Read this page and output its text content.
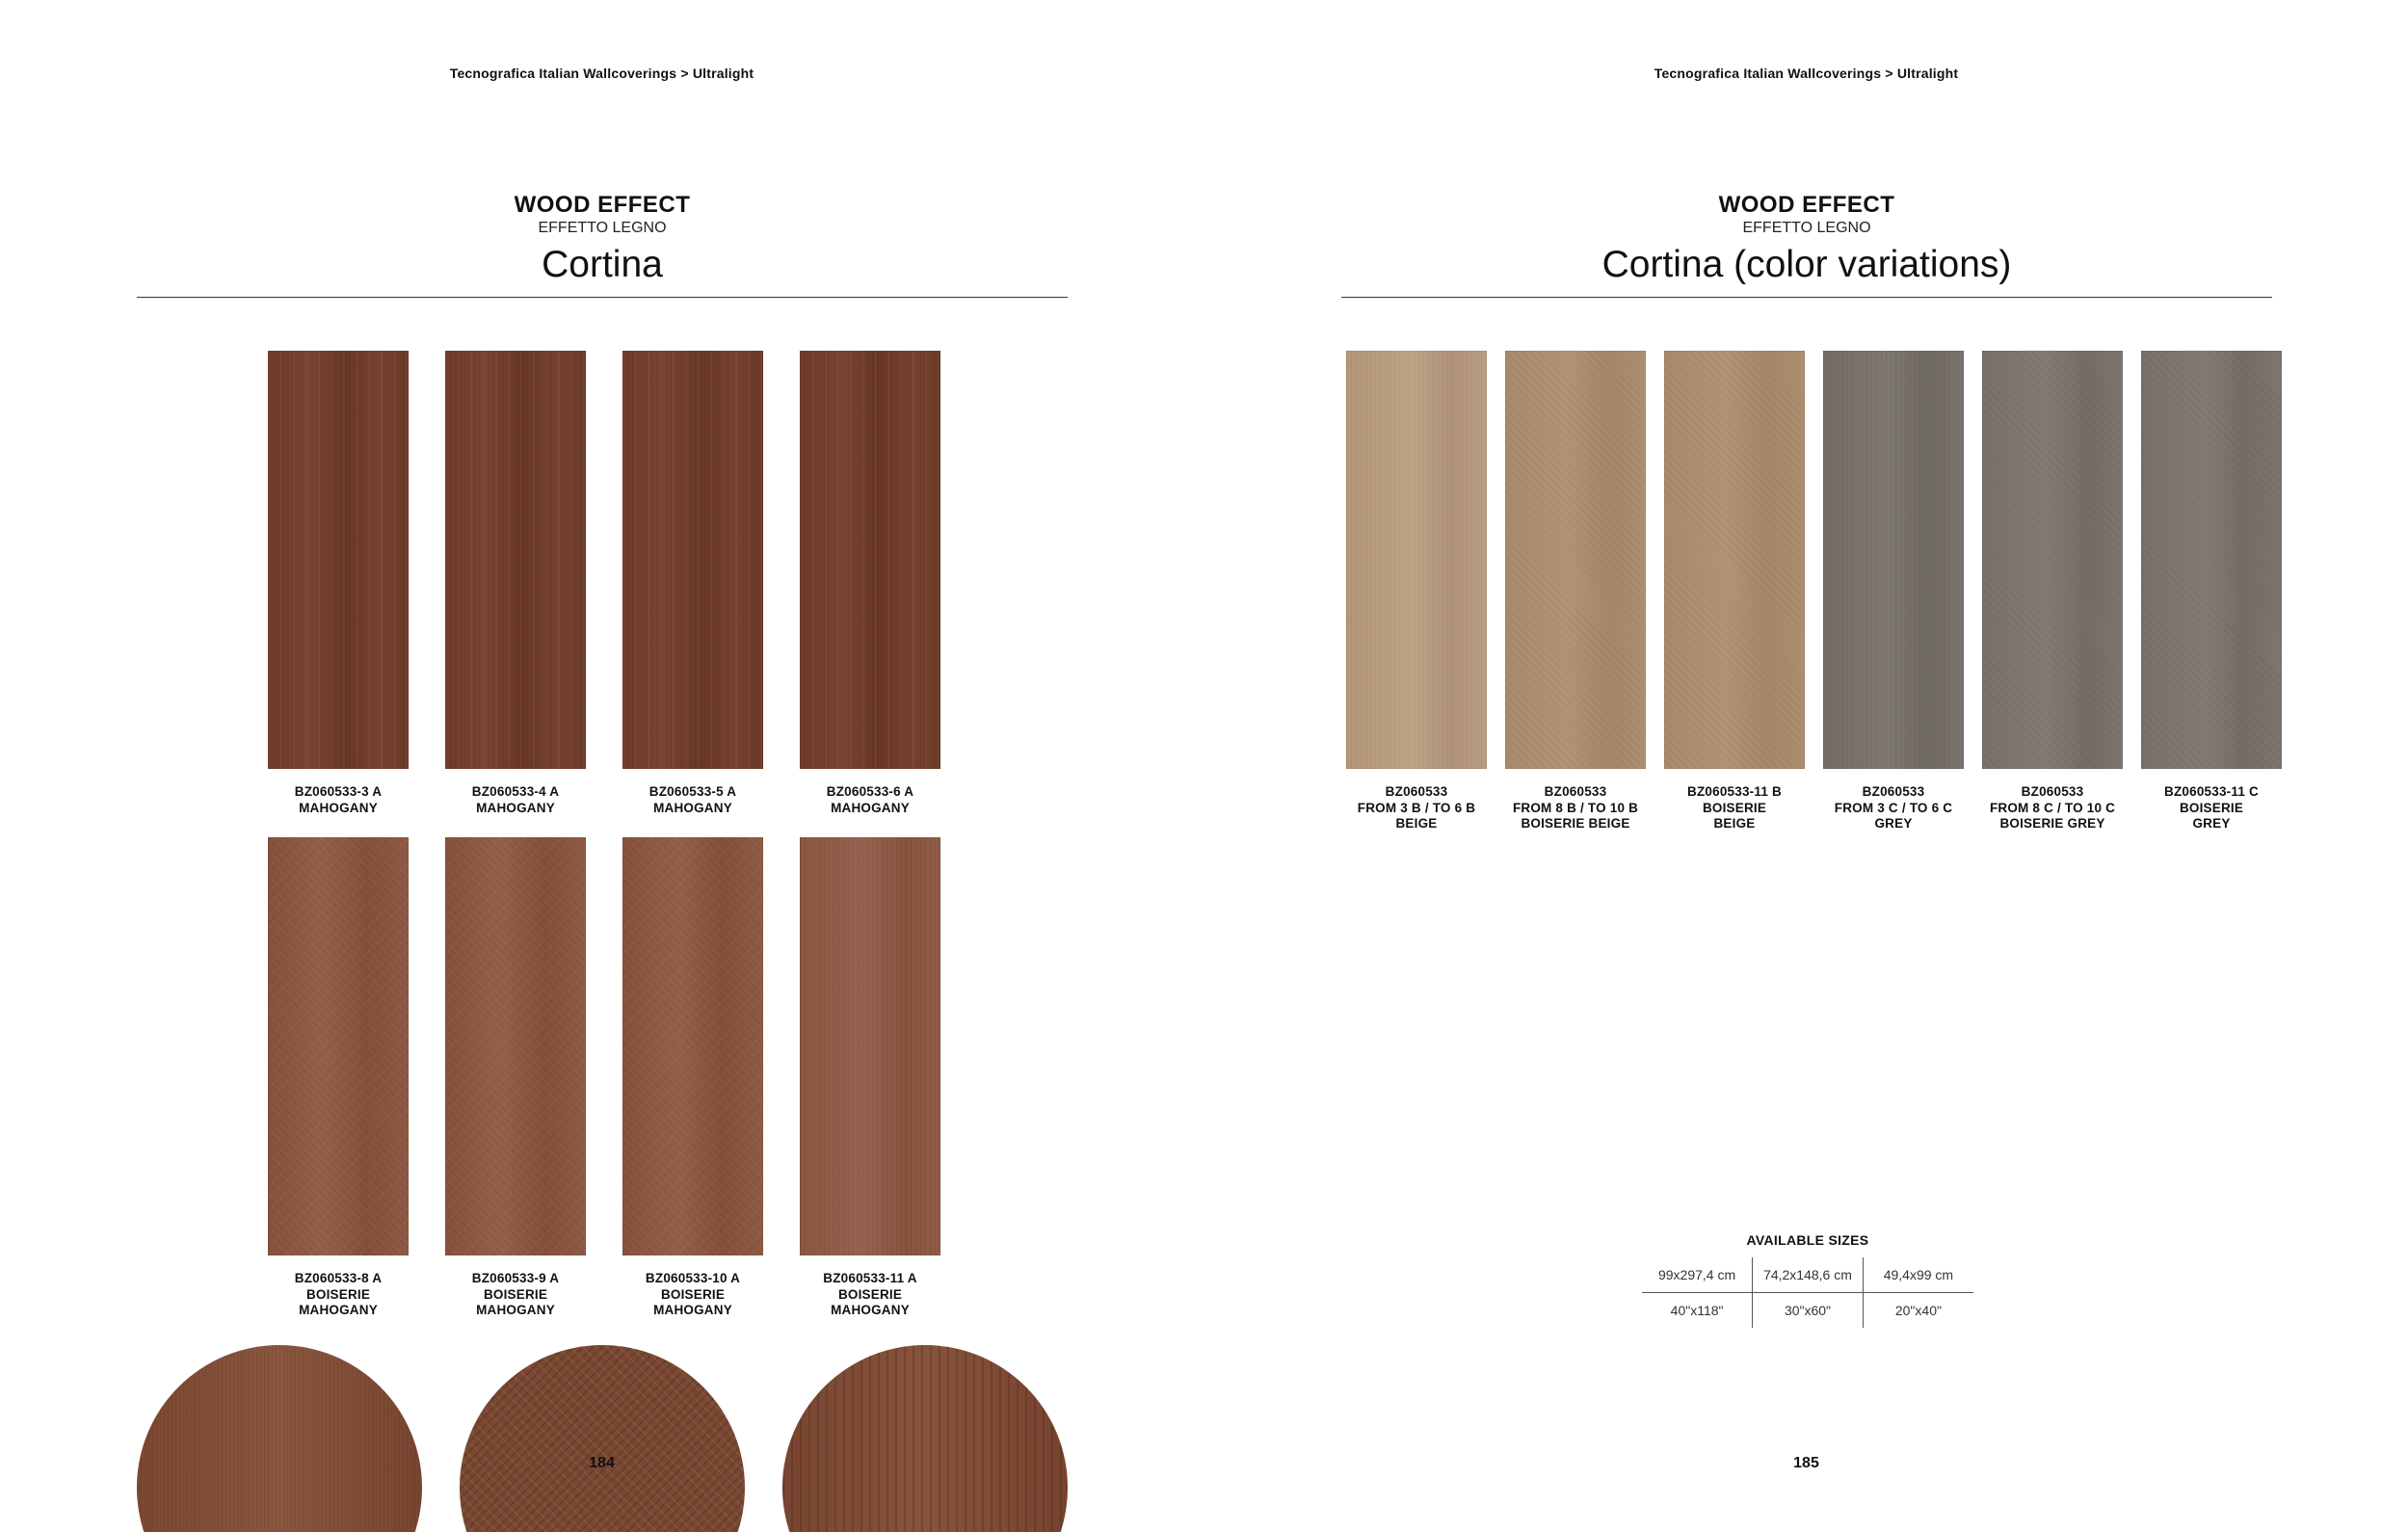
Tecnografica Italian Wallcoverings > Ultralight
WOOD EFFECT
EFFETTO LEGNO
Cortina
BZ060533-3 A
MAHOGANY
BZ060533-4 A
MAHOGANY
BZ060533-5 A
MAHOGANY
BZ060533-6 A
MAHOGANY
BZ060533-8 A
BOISERIE
MAHOGANY
BZ060533-9 A
BOISERIE
MAHOGANY
BZ060533-10 A
BOISERIE
MAHOGANY
BZ060533-11 A
BOISERIE
MAHOGANY
184
Tecnografica Italian Wallcoverings > Ultralight
WOOD EFFECT
EFFETTO LEGNO
Cortina (color variations)
BZ060533
FROM 3 B / TO 6 B
BEIGE
BZ060533
FROM 8 B / TO 10 B
BOISERIE BEIGE
BZ060533-11 B
BOISERIE
BEIGE
BZ060533
FROM 3 C / TO 6 C
GREY
BZ060533
FROM 8 C / TO 10 C
BOISERIE GREY
BZ060533-11 C
BOISERIE
GREY
AVAILABLE SIZES
99x297,4 cm	74,2x148,6 cm	49,4x99 cm
40"x118"	30"x60"	20"x40"
185
